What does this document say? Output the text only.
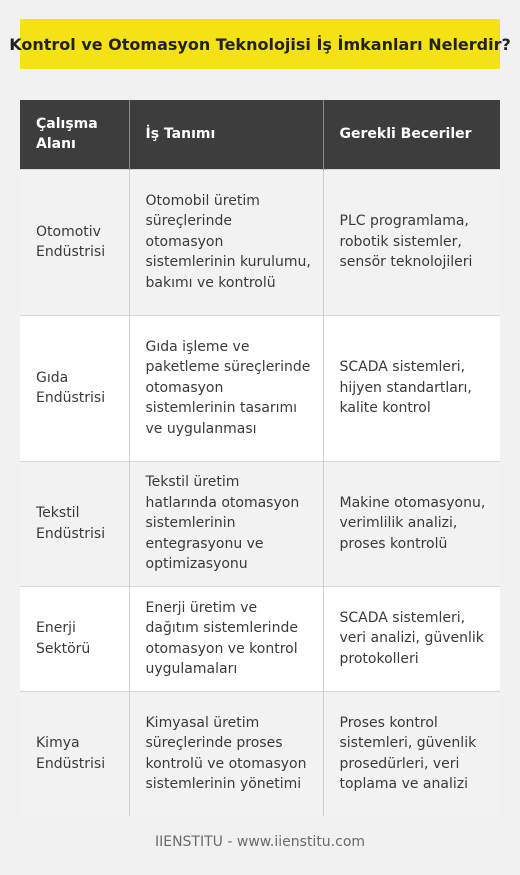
Kontrol ve Otomasyon Teknolojisi İş İmkanları Nelerdir?
Çalışma Alanı	İş Tanımı	Gerekli Beceriler
Otomotiv Endüstrisi	Otomobil üretim süreçlerinde otomasyon sistemlerinin kurulumu, bakımı ve kontrolü	PLC programlama, robotik sistemler, sensör teknolojileri
Gıda Endüstrisi	Gıda işleme ve paketleme süreçlerinde otomasyon sistemlerinin tasarımı ve uygulanması	SCADA sistemleri, hijyen standartları, kalite kontrol
Tekstil Endüstrisi	Tekstil üretim hatlarında otomasyon sistemlerinin entegrasyonu ve optimizasyonu	Makine otomasyonu, verimlilik analizi, proses kontrolü
Enerji Sektörü	Enerji üretim ve dağıtım sistemlerinde otomasyon ve kontrol uygulamaları	SCADA sistemleri, veri analizi, güvenlik protokolleri
Kimya Endüstrisi	Kimyasal üretim süreçlerinde proses kontrolü ve otomasyon sistemlerinin yönetimi	Proses kontrol sistemleri, güvenlik prosedürleri, veri toplama ve analizi
IIENSTITU - www.iienstitu.com
